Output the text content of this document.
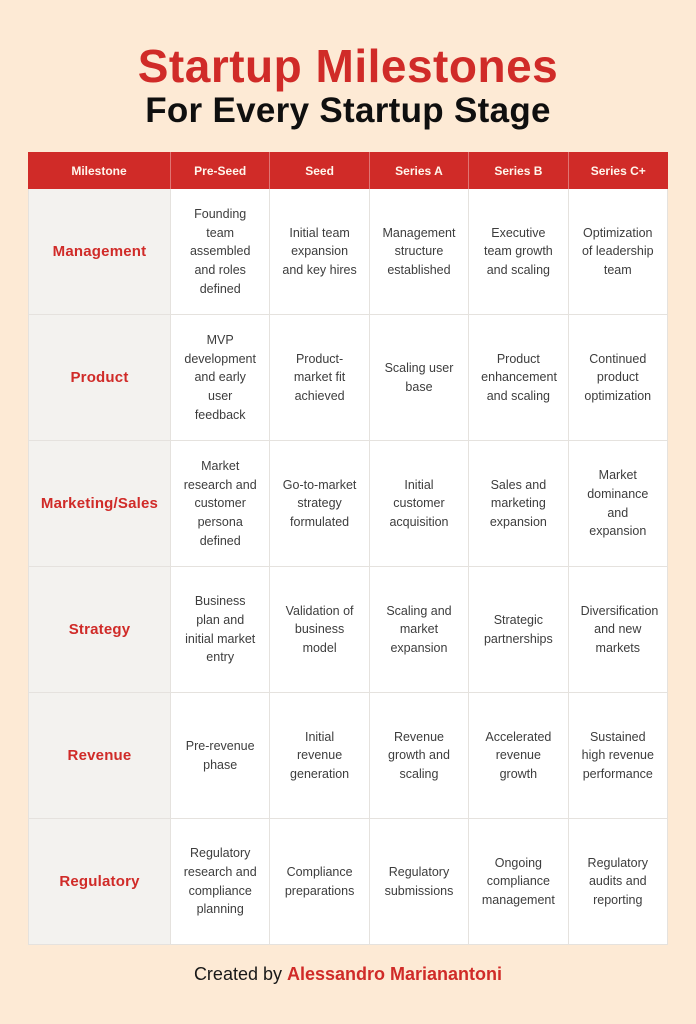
Startup Milestones
For Every Startup Stage
Milestone	Pre-Seed	Seed	Series A	Series B	Series C+
Management	Founding team assembled and roles defined	Initial team expansion and key hires	Management structure established	Executive team growth and scaling	Optimization of leadership team
Product	MVP development and early user feedback	Product-market fit achieved	Scaling user base	Product enhancement and scaling	Continued product optimization
Marketing/Sales	Market research and customer persona defined	Go-to-market strategy formulated	Initial customer acquisition	Sales and marketing expansion	Market dominance and expansion
Strategy	Business plan and initial market entry	Validation of business model	Scaling and market expansion	Strategic partnerships	Diversification and new markets
Revenue	Pre-revenue phase	Initial revenue generation	Revenue growth and scaling	Accelerated revenue growth	Sustained high revenue performance
Regulatory	Regulatory research and compliance planning	Compliance preparations	Regulatory submissions	Ongoing compliance management	Regulatory audits and reporting
Created by Alessandro Marianantoni
